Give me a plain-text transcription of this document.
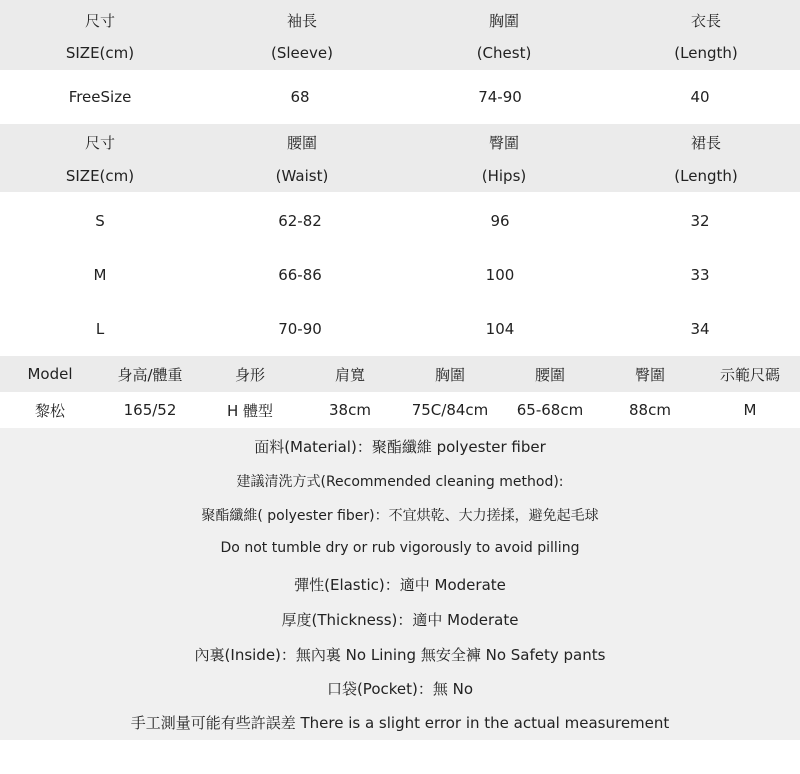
尺寸	袖長	胸圍	衣長
SIZE(cm)	(Sleeve)	(Chest)	(Length)
FreeSize	68	74-90	40
尺寸	腰圍	臀圍	裙長
SIZE(cm)	(Waist)	(Hips)	(Length)
S	62-82	96	32
M	66-86	100	33
L	70-90	104	34
Model	身高/體重	身形	肩寬	胸圍	腰圍	臀圍	示範尺碼
黎松	165/52	H 體型	38cm	75C/84cm	65-68cm	88cm	M
面料(Material)：聚酯纖維 polyester fiber
建議清洗方式(Recommended cleaning method):
聚酯纖維( polyester fiber)：不宜烘乾、大力搓揉，避免起毛球
Do not tumble dry or rub vigorously to avoid pilling
彈性(Elastic)：適中 Moderate
厚度(Thickness)：適中 Moderate
內裏(Inside)：無內裏 No Lining 無安全褲 No Safety pants
口袋(Pocket)：無 No
手工測量可能有些許誤差 There is a slight error in the actual measurement
